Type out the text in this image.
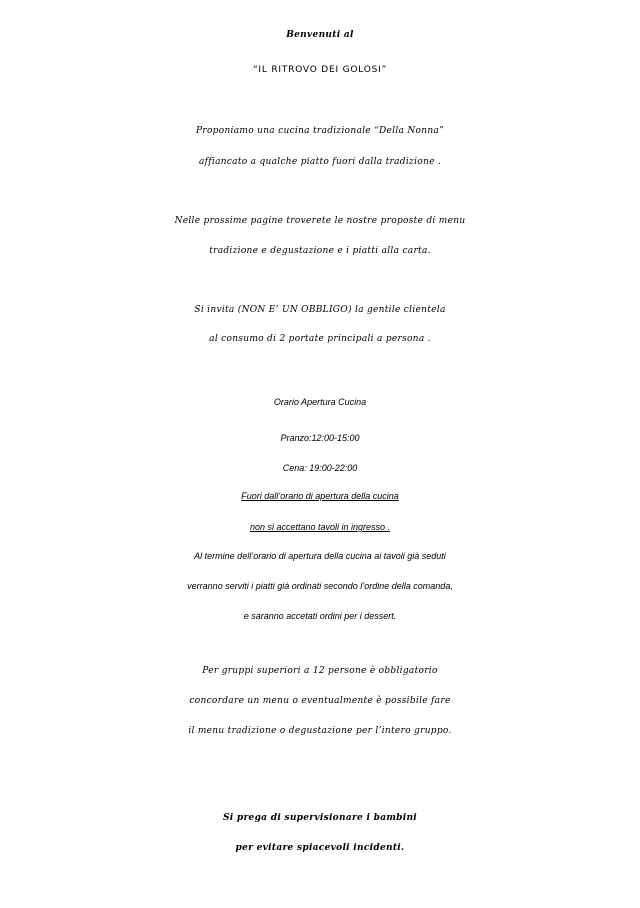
Benvenuti al
“IL RITROVO DEI GOLOSI”
Proponiamo una cucina tradizionale “Della Nonna”
affiancato a qualche piatto fuori dalla tradizione .
Nelle prossime pagine troverete le nostre proposte di menu
tradizione e degustazione e i piatti alla carta.
Si invita (NON E’ UN OBBLIGO) la gentile clientela
al consumo di 2 portate principali a persona .
Orario Apertura Cucina
Pranzo:12:00-15:00
Cena: 19:00-22:00
Fuori dall’orario di apertura della cucina
non si accettano tavoli in ingresso .
Al termine dell’orario di apertura della cucina ai tavoli già seduti
verranno serviti i piatti già ordinati secondo l’ordine della comanda,
e saranno accetati ordini per i dessert.
Per gruppi superiori a 12 persone è obbligatorio
concordare un menu o eventualmente è possibile fare
il menu tradizione o degustazione per l’intero gruppo.
Si prega di supervisionare i bambini
per evitare spiacevoli incidenti.
